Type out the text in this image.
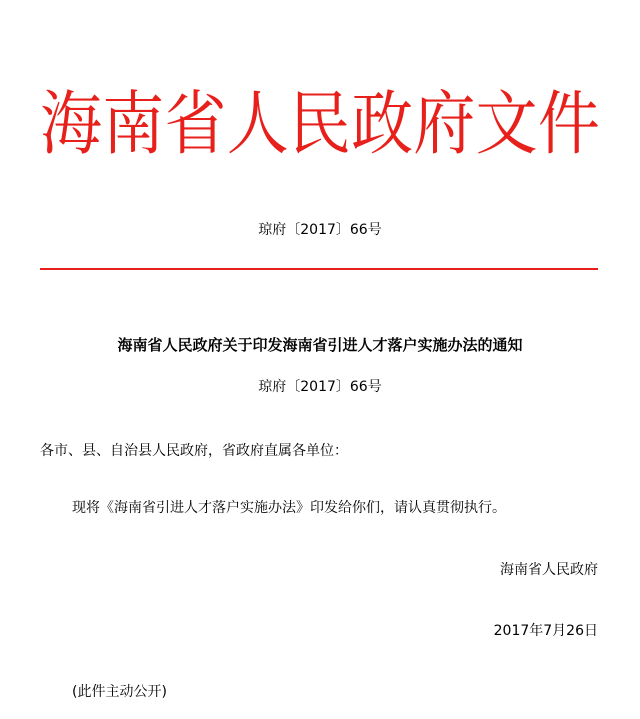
海 南 省 人 民 政 府 文 件
琼府〔2017〕66号
海南省人民政府关于印发海南省引进人才落户实施办法的通知
琼府〔2017〕66号
各市、县、自治县人民政府，省政府直属各单位：
现将《海南省引进人才落户实施办法》印发给你们，请认真贯彻执行。
海南省人民政府
2017年7月26日
(此件主动公开)
